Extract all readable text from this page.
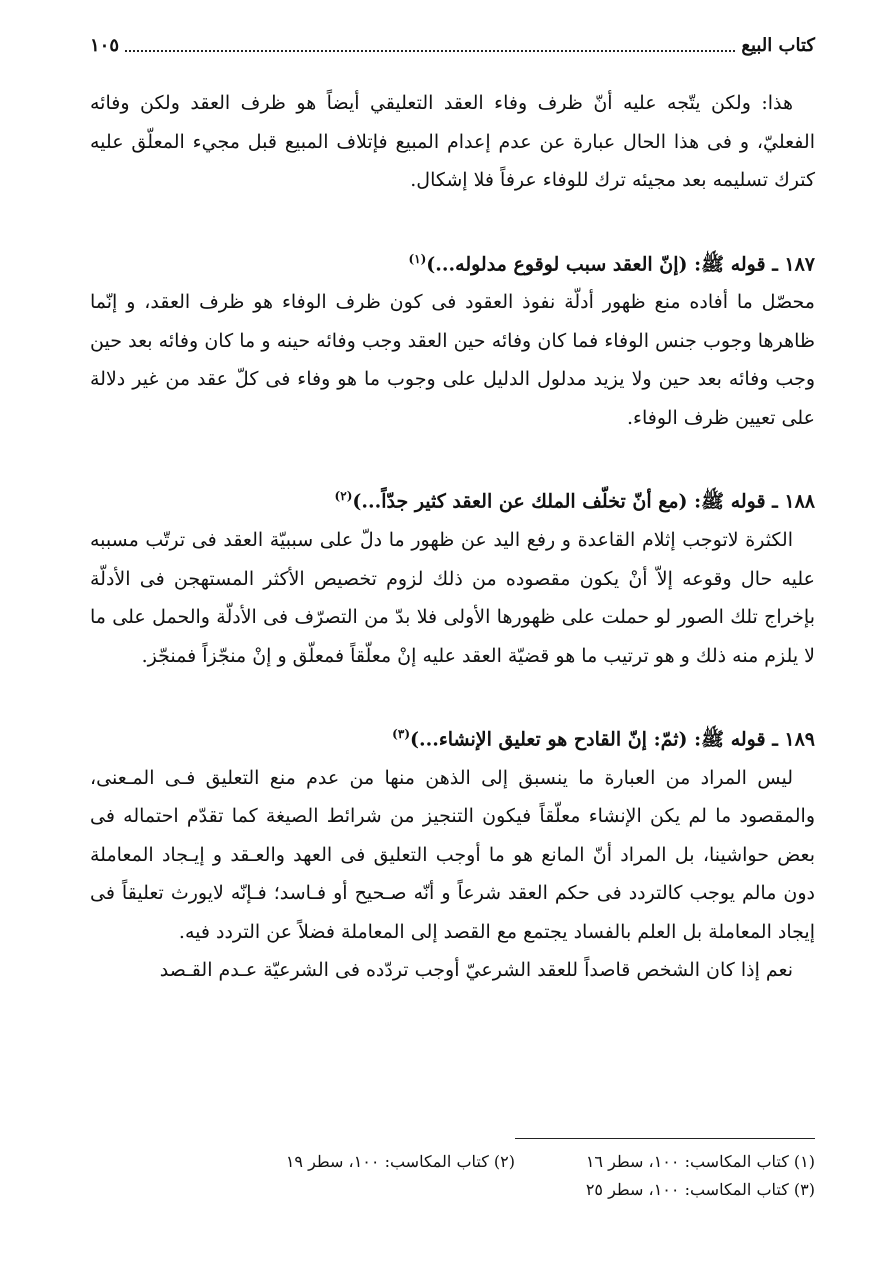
كتاب البيع
١٠٥

هذا: ولكن يتّجه عليه أنّ ظرف وفاء العقد التعليقي أيضاً هو ظرف العقد ولكن وفائه الفعليّ، و فى هذا الحال عبارة عن عدم إعدام المبيع فإتلاف المبيع قبل مجيء المعلّق عليه كترك تسليمه بعد مجيئه ترك للوفاء عرفاً فلا إشكال.

١٨٧ ـ قوله ﷺ: (إنّ العقد سبب لوقوع مدلوله...)$^{(١)}$

محصّل ما أفاده منع ظهور أدلّة نفوذ العقود فى كون ظرف الوفاء هو ظرف العقد، و إنّما ظاهرها وجوب جنس الوفاء فما كان وفائه حين العقد وجب وفائه حينه و ما كان وفائه بعد حين وجب وفائه بعد حين ولا يزيد مدلول الدليل على وجوب ما هو وفاء فى كلّ عقد من غير دلالة على تعيين ظرف الوفاء.

١٨٨ ـ قوله ﷺ: (مع أنّ تخلّف الملك عن العقد كثير جدّاً...)$^{(٢)}$

الكثرة لاتوجب إثلام القاعدة و رفع اليد عن ظهور ما دلّ على سببيّة العقد فى ترتّب مسببه عليه حال وقوعه إلاّ أنْ يكون مقصوده من ذلك لزوم تخصيص الأكثر المستهجن فى الأدلّة بإخراج تلك الصور لو حملت على ظهورها الأولى فلا بدّ من التصرّف فى الأدلّة والحمل على ما لا يلزم منه ذلك و هو ترتيب ما هو قضيّة العقد عليه إنْ معلّقاً فمعلّق و إنْ منجّزاً فمنجّز.

١٨٩ ـ قوله ﷺ: (ثمّ: إنّ القادح هو تعليق الإنشاء...)$^{(٣)}$

ليس المراد من العبارة ما ينسبق إلى الذهن منها من عدم منع التعليق فـى المـعنى، والمقصود ما لم يكن الإنشاء معلّقاً فيكون التنجيز من شرائط الصيغة كما تقدّم احتماله فى بعض حواشينا، بل المراد أنّ المانع هو ما أوجب التعليق فى العهد والعـقد و إيـجاد المعاملة دون مالم يوجب كالتردد فى حكم العقد شرعاً و أنّه صـحيح أو فـاسد؛ فـإنّه لايورث تعليقاً فى إيجاد المعاملة بل العلم بالفساد يجتمع مع القصد إلى المعاملة فضلاً عن التردد فيه.

نعم إذا كان الشخص قاصداً للعقد الشرعيّ أوجب تردّده فى الشرعيّة عـدم القـصد

(١) كتاب المكاسب: ١٠٠، سطر ١٦
(٢) كتاب المكاسب: ١٠٠، سطر ١٩
(٣) كتاب المكاسب: ١٠٠، سطر ٢٥
